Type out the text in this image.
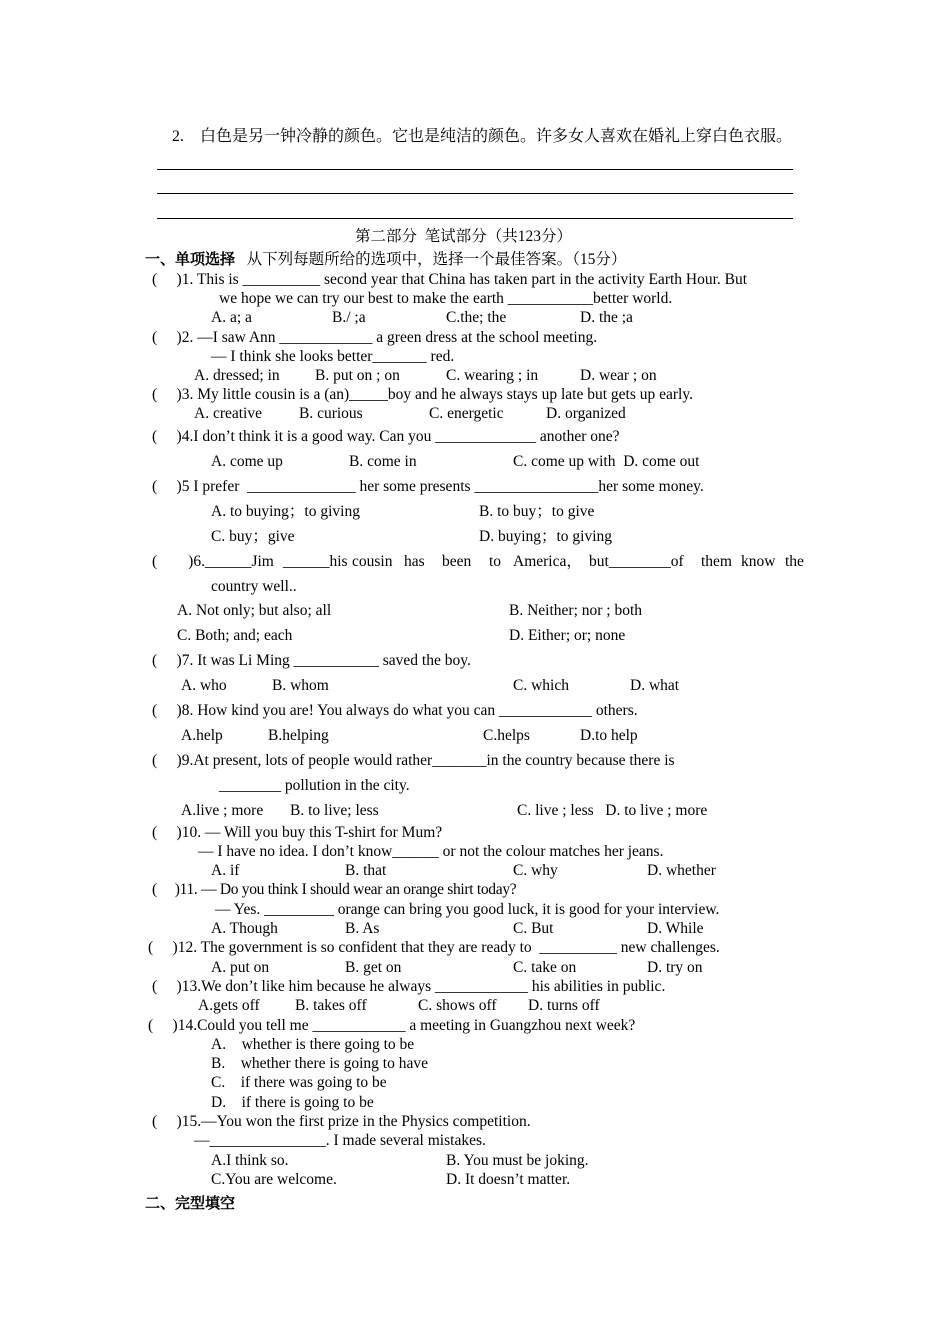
2.    白色是另一钟冷静的颜色。它也是纯洁的颜色。许多女人喜欢在婚礼上穿白色衣服。
第二部分  笔试部分（共123分）
一、单项选择   从下列每题所给的选项中，选择一个最佳答案。（15分）
(     )1. This is __________ second year that China has taken part in the activity Earth Hour. But
we hope we can try our best to make the earth ___________better world.
A. a; a	B./ ;a	C.the; the	D. the ;a
(     )2. —I saw Ann ____________ a green dress at the school meeting.
— I think she looks better_______ red.
A. dressed; in B. put on ; on	C. wearing ; in	D. wear ; on
(     )3. My little cousin is a (an)_____boy and he always stays up late but gets up early.
A. creative B. curious	C. energetic	D. organized
(     )4.I don’t think it is a good way. Can you _____________ another one?
A. come up	B. come in	C. come up with  D. come out
(     )5 I prefer  ______________ her some presents ________________her some money.
A. to buying；to giving	B. to buy；to give
C. buy；give	D. buying；to giving
(        )6.______Jim ______his cousin has been to America， but________of them know the
country well..
A. Not only; but also; all	B. Neither; nor ; both
C. Both; and; each	D. Either; or; none
(     )7. It was Li Ming ___________ saved the boy.
A. who	B. whom	C. which	D. what
(     )8. How kind you are! You always do what you can ____________ others.
A.help	B.helping	C.helps	D.to help
(     )9.At present, lots of people would rather_______in the country because there is
________ pollution in the city.
A.live ; more B. to live; less	C. live ; less   D. to live ; more
(     )10. — Will you buy this T-shirt for Mum?
— I have no idea. I don’t know______ or not the colour matches her jeans.
A. if	B. that	C. why	D. whether
(     )11. — Do you think I should wear an orange shirt today?
— Yes. _________ orange can bring you good luck, it is good for your interview.
A. Though	B. As	C. But	D. While
(     )12. The government is so confident that they are ready to  __________ new challenges.
A. put on	B. get on	C. take on	D. try on
(     )13.We don’t like him because he always ____________ his abilities in public.
A.gets off B. takes off	C. shows off D. turns off
(     )14.Could you tell me ____________ a meeting in Guangzhou next week?
A.    whether is there going to be
B.    whether there is going to have
C.    if there was going to be
D.    if there is going to be
(     )15.—You won the first prize in the Physics competition.
—_______________. I made several mistakes.
A.I think so.	B. You must be joking.
C.You are welcome.	D. It doesn’t matter.
二、完型填空
